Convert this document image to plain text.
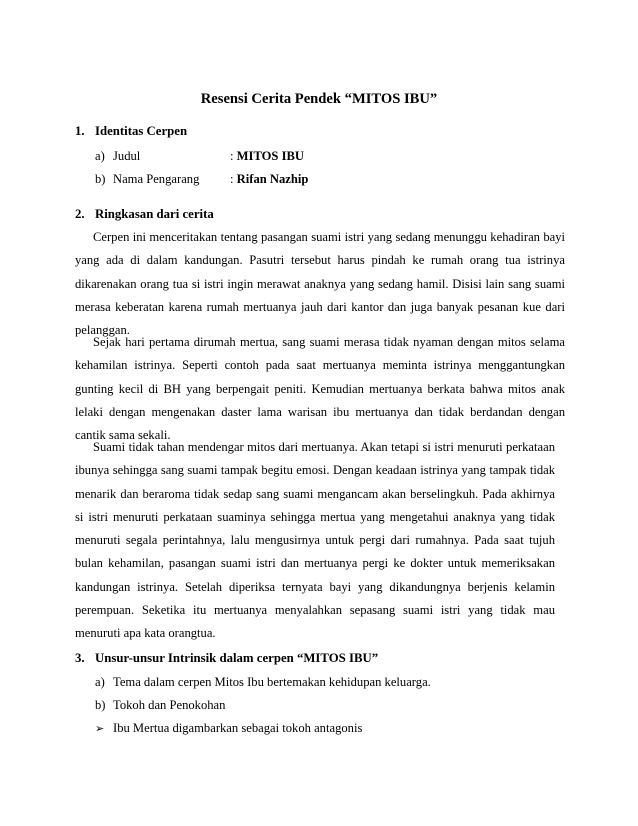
Resensi Cerita Pendek “MITOS IBU”
1. Identitas Cerpen
a) Judul	: MITOS IBU
b) Nama Pengarang : Rifan Nazhip
2. Ringkasan dari cerita

Cerpen ini menceritakan tentang pasangan suami istri yang sedang menunggu kehadiran bayi yang ada di dalam kandungan. Pasutri tersebut harus pindah ke rumah orang tua istrinya dikarenakan orang tua si istri ingin merawat anaknya yang sedang hamil. Disisi lain sang suami merasa keberatan karena rumah mertuanya jauh dari kantor dan juga banyak pesanan kue dari pelanggan.

Sejak hari pertama dirumah mertua, sang suami merasa tidak nyaman dengan mitos selama kehamilan istrinya. Seperti contoh pada saat mertuanya meminta istrinya menggantungkan gunting kecil di BH yang berpengait peniti. Kemudian mertuanya berkata bahwa mitos anak lelaki dengan mengenakan daster lama warisan ibu mertuanya dan tidak berdandan dengan cantik sama sekali.

Suami tidak tahan mendengar mitos dari mertuanya. Akan tetapi si istri menuruti perkataan ibunya sehingga sang suami tampak begitu emosi. Dengan keadaan istrinya yang tampak tidak menarik dan beraroma tidak sedap sang suami mengancam akan berselingkuh. Pada akhirnya si istri menuruti perkataan suaminya sehingga mertua yang mengetahui anaknya yang tidak menuruti segala perintahnya, lalu mengusirnya untuk pergi dari rumahnya. Pada saat tujuh bulan kehamilan, pasangan suami istri dan mertuanya pergi ke dokter untuk memeriksakan kandungan istrinya. Setelah diperiksa ternyata bayi yang dikandungnya berjenis kelamin perempuan. Seketika itu mertuanya menyalahkan sepasang suami istri yang tidak mau menuruti apa kata orangtua.

3. Unsur-unsur Intrinsik dalam cerpen “MITOS IBU”
a) Tema dalam cerpen Mitos Ibu bertemakan kehidupan keluarga.
b) Tokoh dan Penokohan
➢ Ibu Mertua digambarkan sebagai tokoh antagonis
